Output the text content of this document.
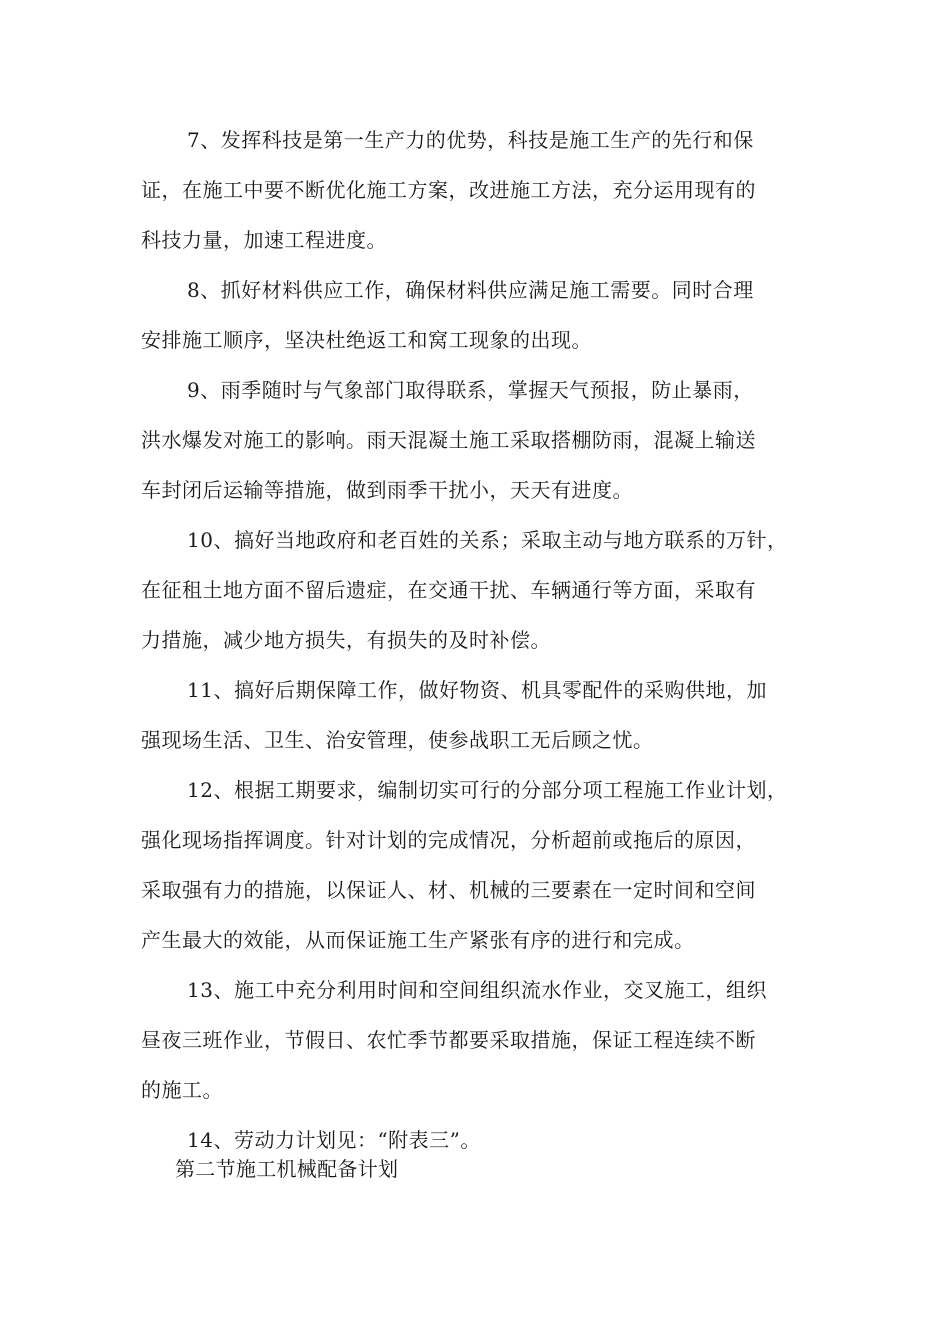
7、发挥科技是第一生产力的优势，科技是施工生产的先行和保
证，在施工中要不断优化施工方案，改进施工方法，充分运用现有的
科技力量，加速工程进度。
8、抓好材料供应工作，确保材料供应满足施工需要。同时合理
安排施工顺序，坚决杜绝返工和窝工现象的出现。
9、雨季随时与气象部门取得联系，掌握天气预报，防止暴雨，
洪水爆发对施工的影响。雨天混凝土施工采取搭棚防雨，混凝上输送
车封闭后运输等措施，做到雨季干扰小，天天有进度。
10、搞好当地政府和老百姓的关系；采取主动与地方联系的万针，
在征租土地方面不留后遗症，在交通干扰、车辆通行等方面，采取有
力措施，减少地方损失，有损失的及时补偿。
11、搞好后期保障工作，做好物资、机具零配件的采购供地，加
强现场生活、卫生、治安管理，使参战职工无后顾之忧。
12、根据工期要求，编制切实可行的分部分项工程施工作业计划，
强化现场指挥调度。针对计划的完成情况，分析超前或拖后的原因，
采取强有力的措施，以保证人、材、机械的三要素在一定时间和空间
产生最大的效能，从而保证施工生产紧张有序的进行和完成。
13、施工中充分利用时间和空间组织流水作业，交叉施工，组织
昼夜三班作业，节假日、农忙季节都要采取措施，保证工程连续不断
的施工。
14、劳动力计划见：“附表三”。
第二节施工机械配备计划
